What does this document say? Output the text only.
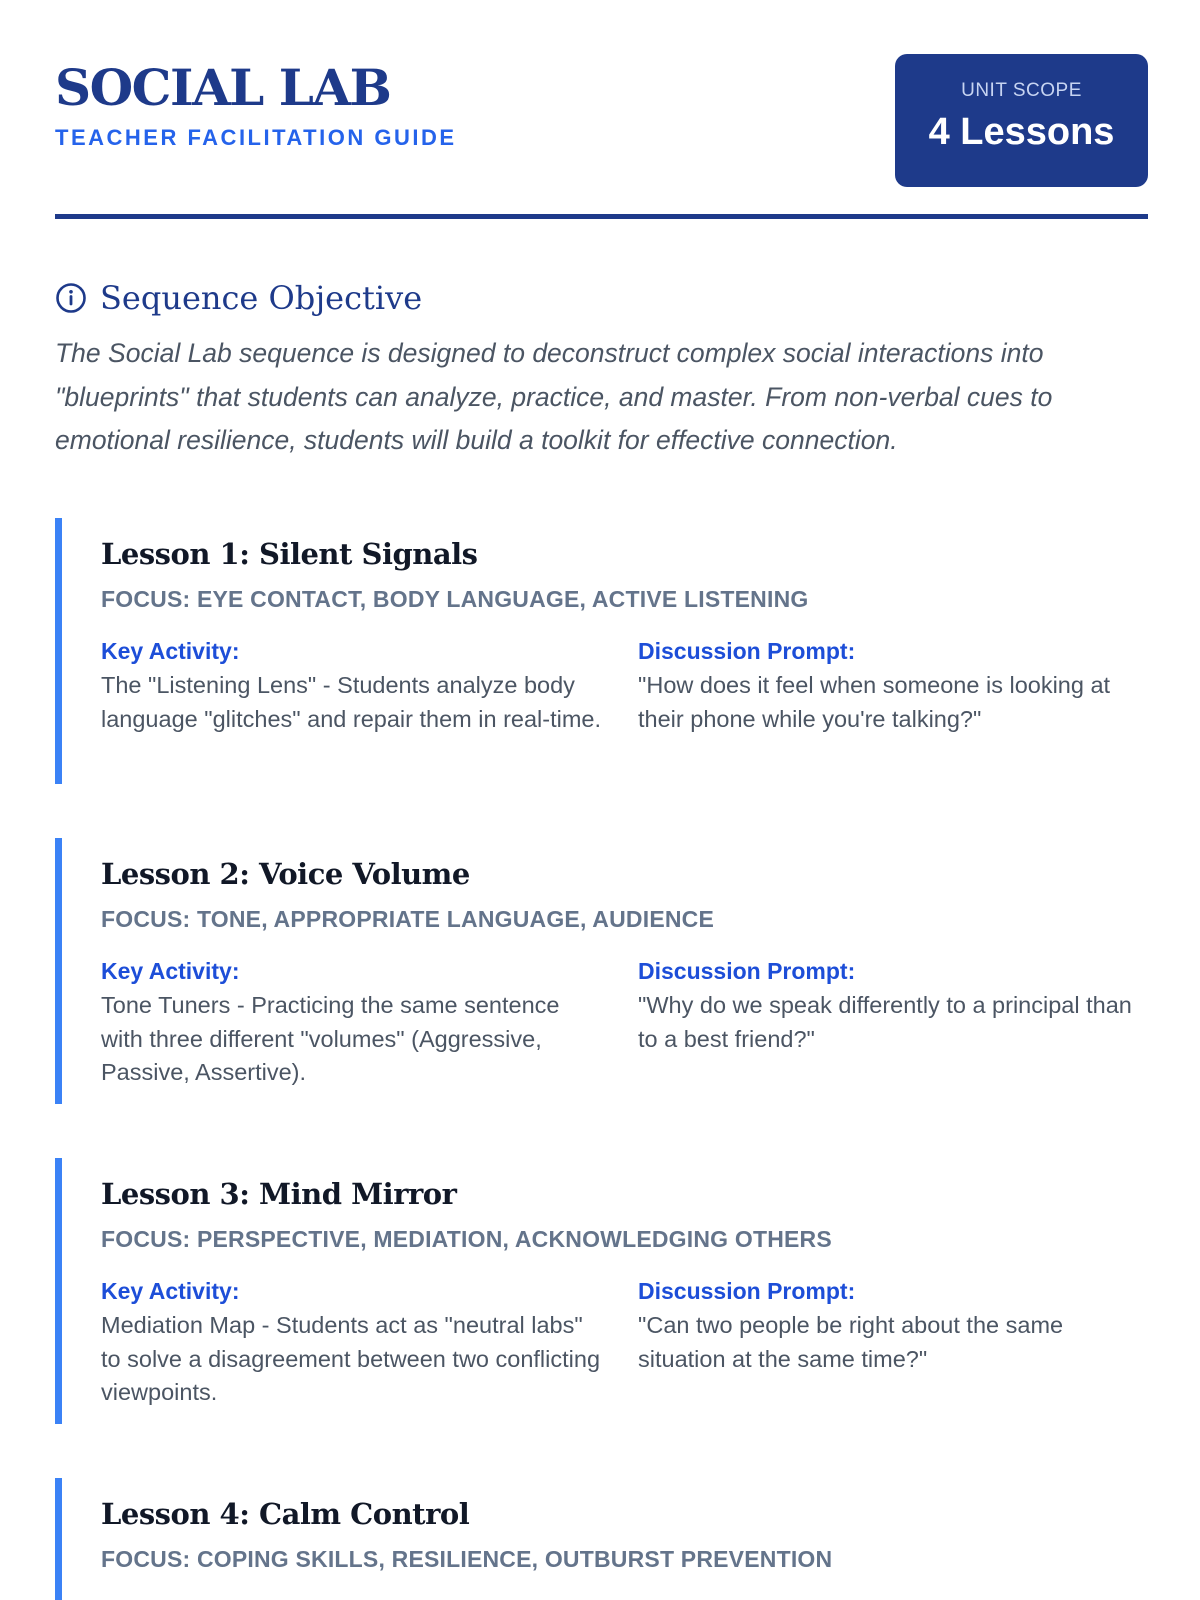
SOCIAL LAB
TEACHER FACILITATION GUIDE
UNIT SCOPE
4 Lessons
Sequence Objective

The Social Lab sequence is designed to deconstruct complex social interactions into "blueprints" that students can analyze, practice, and master. From non-verbal cues to emotional resilience, students will build a toolkit for effective connection.

Lesson 1: Silent Signals
FOCUS: EYE CONTACT, BODY LANGUAGE, ACTIVE LISTENING
Key Activity:

The "Listening Lens" - Students analyze body language "glitches" and repair them in real-time.

Discussion Prompt:

"How does it feel when someone is looking at their phone while you're talking?"

Lesson 2: Voice Volume
FOCUS: TONE, APPROPRIATE LANGUAGE, AUDIENCE
Key Activity:

Tone Tuners - Practicing the same sentence with three different "volumes" (Aggressive, Passive, Assertive).

Discussion Prompt:

"Why do we speak differently to a principal than to a best friend?"

Lesson 3: Mind Mirror
FOCUS: PERSPECTIVE, MEDIATION, ACKNOWLEDGING OTHERS
Key Activity:

Mediation Map - Students act as "neutral labs" to solve a disagreement between two conflicting viewpoints.

Discussion Prompt:

"Can two people be right about the same situation at the same time?"

Lesson 4: Calm Control
FOCUS: COPING SKILLS, RESILIENCE, OUTBURST PREVENTION
